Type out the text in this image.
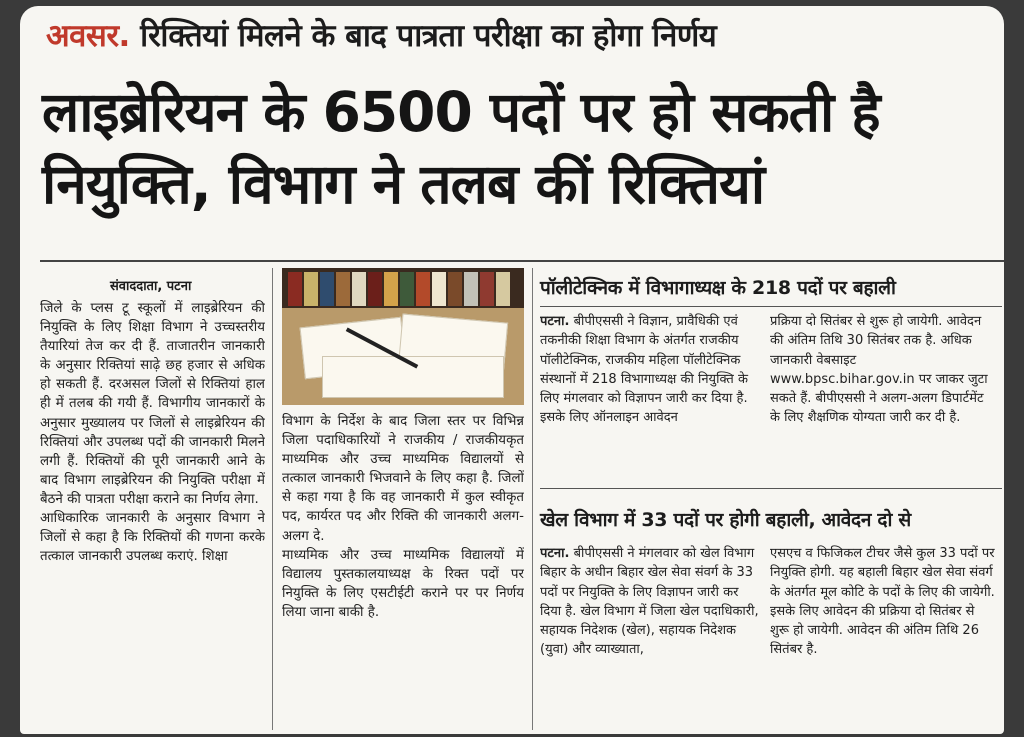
अवसर. रिक्तियां मिलने के बाद पात्रता परीक्षा का होगा निर्णय
लाइब्रेरियन के 6500 पदों पर हो सकती है नियुक्ति, विभाग ने तलब कीं रिक्तियां
संवाददाता, पटना

जिले के प्लस टू स्कूलों में लाइब्रेरियन की नियुक्ति के लिए शिक्षा विभाग ने उच्चस्तरीय तैयारियां तेज कर दी हैं. ताजातरीन जानकारी के अनुसार रिक्तियां साढ़े छह हजार से अधिक हो सकती हैं. दरअसल जिलों से रिक्तियां हाल ही में तलब की गयी हैं. विभागीय जानकारों के अनुसार मुख्यालय पर जिलों से लाइब्रेरियन की रिक्तियां और उपलब्ध पदों की जानकारी मिलने लगी हैं. रिक्तियों की पूरी जानकारी आने के बाद विभाग लाइब्रेरियन की नियुक्ति परीक्षा में बैठने की पात्रता परीक्षा कराने का निर्णय लेगा.

आधिकारिक जानकारी के अनुसार विभाग ने जिलों से कहा है कि रिक्तियों की गणना करके तत्काल जानकारी उपलब्ध कराएं. शिक्षा

विभाग के निर्देश के बाद जिला स्तर पर विभिन्न जिला पदाधिकारियों ने राजकीय / राजकीयकृत माध्यमिक और उच्च माध्यमिक विद्यालयों से तत्काल जानकारी भिजवाने के लिए कहा है. जिलों से कहा गया है कि वह जानकारी में कुल स्वीकृत पद, कार्यरत पद और रिक्ति की जानकारी अलग-अलग दे.

माध्यमिक और उच्च माध्यमिक विद्यालयों में विद्यालय पुस्तकालयाध्यक्ष के रिक्त पदों पर नियुक्ति के लिए एसटीईटी कराने पर पर निर्णय लिया जाना बाकी है.

पॉलीटेक्निक में विभागाध्यक्ष के 218 पदों पर बहाली
पटना. बीपीएससी ने विज्ञान, प्रावैधिकी एवं तकनीकी शिक्षा विभाग के अंतर्गत राजकीय पॉलीटेक्निक, राजकीय महिला पॉलीटेक्निक संस्थानों में 218 विभागाध्यक्ष की नियुक्ति के लिए मंगलवार को विज्ञापन जारी कर दिया है. इसके लिए ऑनलाइन आवेदन
प्रक्रिया दो सितंबर से शुरू हो जायेगी. आवेदन की अंतिम तिथि 30 सितंबर तक है. अधिक जानकारी वेबसाइट www.bpsc.bihar.gov.in पर जाकर जुटा सकते हैं. बीपीएससी ने अलग-अलग डिपार्टमेंट के लिए शैक्षणिक योग्यता जारी कर दी है.
खेल विभाग में 33 पदों पर होगी बहाली, आवेदन दो से
पटना. बीपीएससी ने मंगलवार को खेल विभाग बिहार के अधीन बिहार खेल सेवा संवर्ग के 33 पदों पर नियुक्ति के लिए विज्ञापन जारी कर दिया है. खेल विभाग में जिला खेल पदाधिकारी, सहायक निदेशक (खेल), सहायक निदेशक (युवा) और व्याख्याता,
एसएच व फिजिकल टीचर जैसे कुल 33 पदों पर नियुक्ति होगी. यह बहाली बिहार खेल सेवा संवर्ग के अंतर्गत मूल कोटि के पदों के लिए की जायेगी. इसके लिए आवेदन की प्रक्रिया दो सितंबर से शुरू हो जायेगी. आवेदन की अंतिम तिथि 26 सितंबर है.
